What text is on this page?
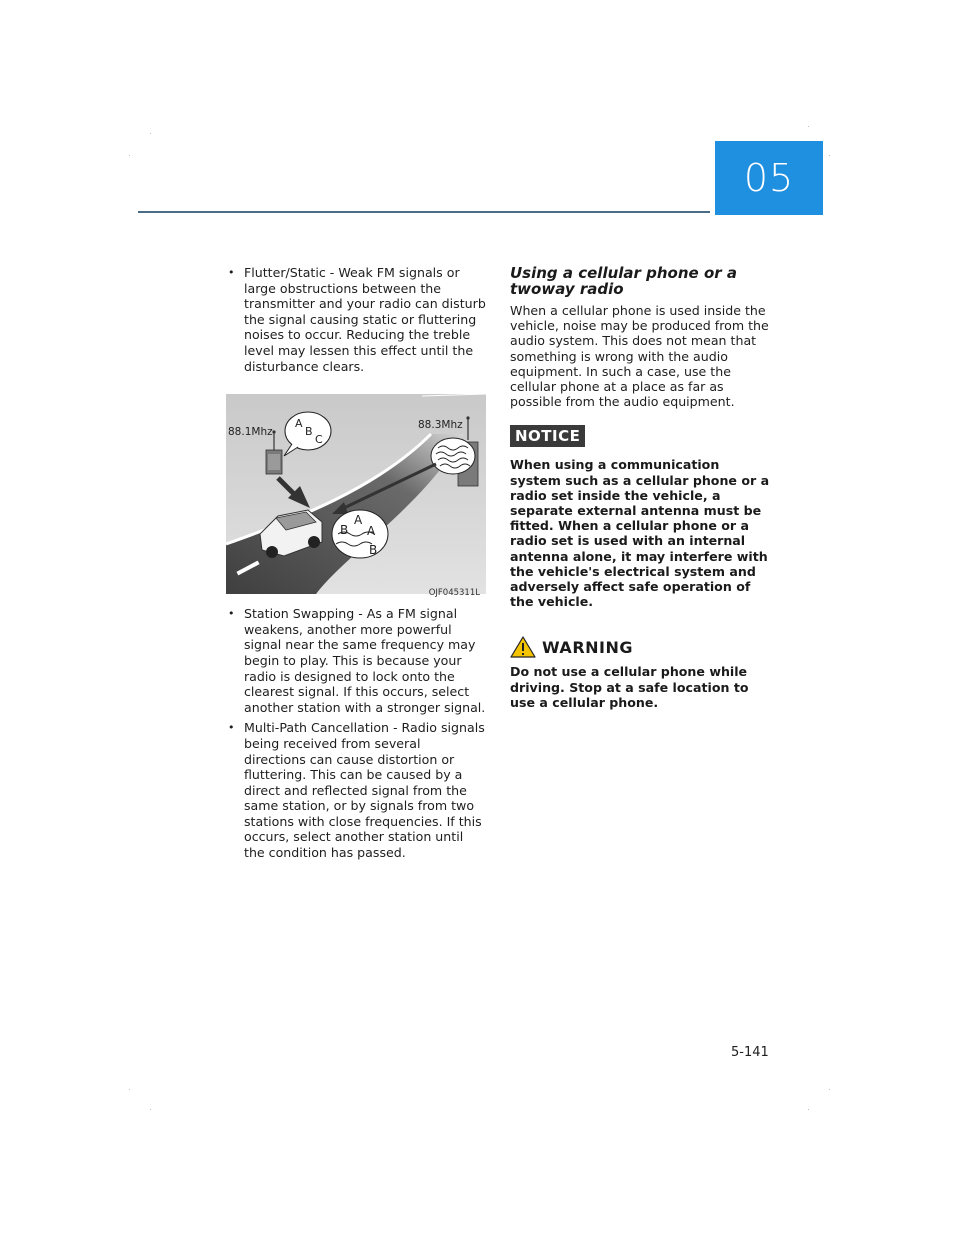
05
• Flutter/Static - Weak FM signals or large obstructions between the transmitter and your radio can disturb the signal causing static or fluttering noises to occur. Reducing the treble level may lessen this effect until the disturbance clears.
88.1Mhz
A
B
C
88.3Mhz
A
B A
B
OJF045311L
• Station Swapping - As a FM signal weakens, another more powerful signal near the same frequency may begin to play. This is because your radio is designed to lock onto the clearest signal. If this occurs, select another station with a stronger signal.
• Multi-Path Cancellation - Radio signals being received from several directions can cause distortion or fluttering. This can be caused by a direct and reflected signal from the same station, or by signals from two stations with close frequencies. If this occurs, select another station until the condition has passed.
Using a cellular phone or a twoway radio

When a cellular phone is used inside the vehicle, noise may be produced from the audio system. This does not mean that something is wrong with the audio equipment. In such a case, use the cellular phone at a place as far as possible from the audio equipment.

NOTICE

When using a communication system such as a cellular phone or a radio set inside the vehicle, a separate external antenna must be fitted. When a cellular phone or a radio set is used with an internal antenna alone, it may interfere with the vehicle's electrical system and adversely affect safe operation of the vehicle.

WARNING

Do not use a cellular phone while driving. Stop at a safe location to use a cellular phone.

5-141
